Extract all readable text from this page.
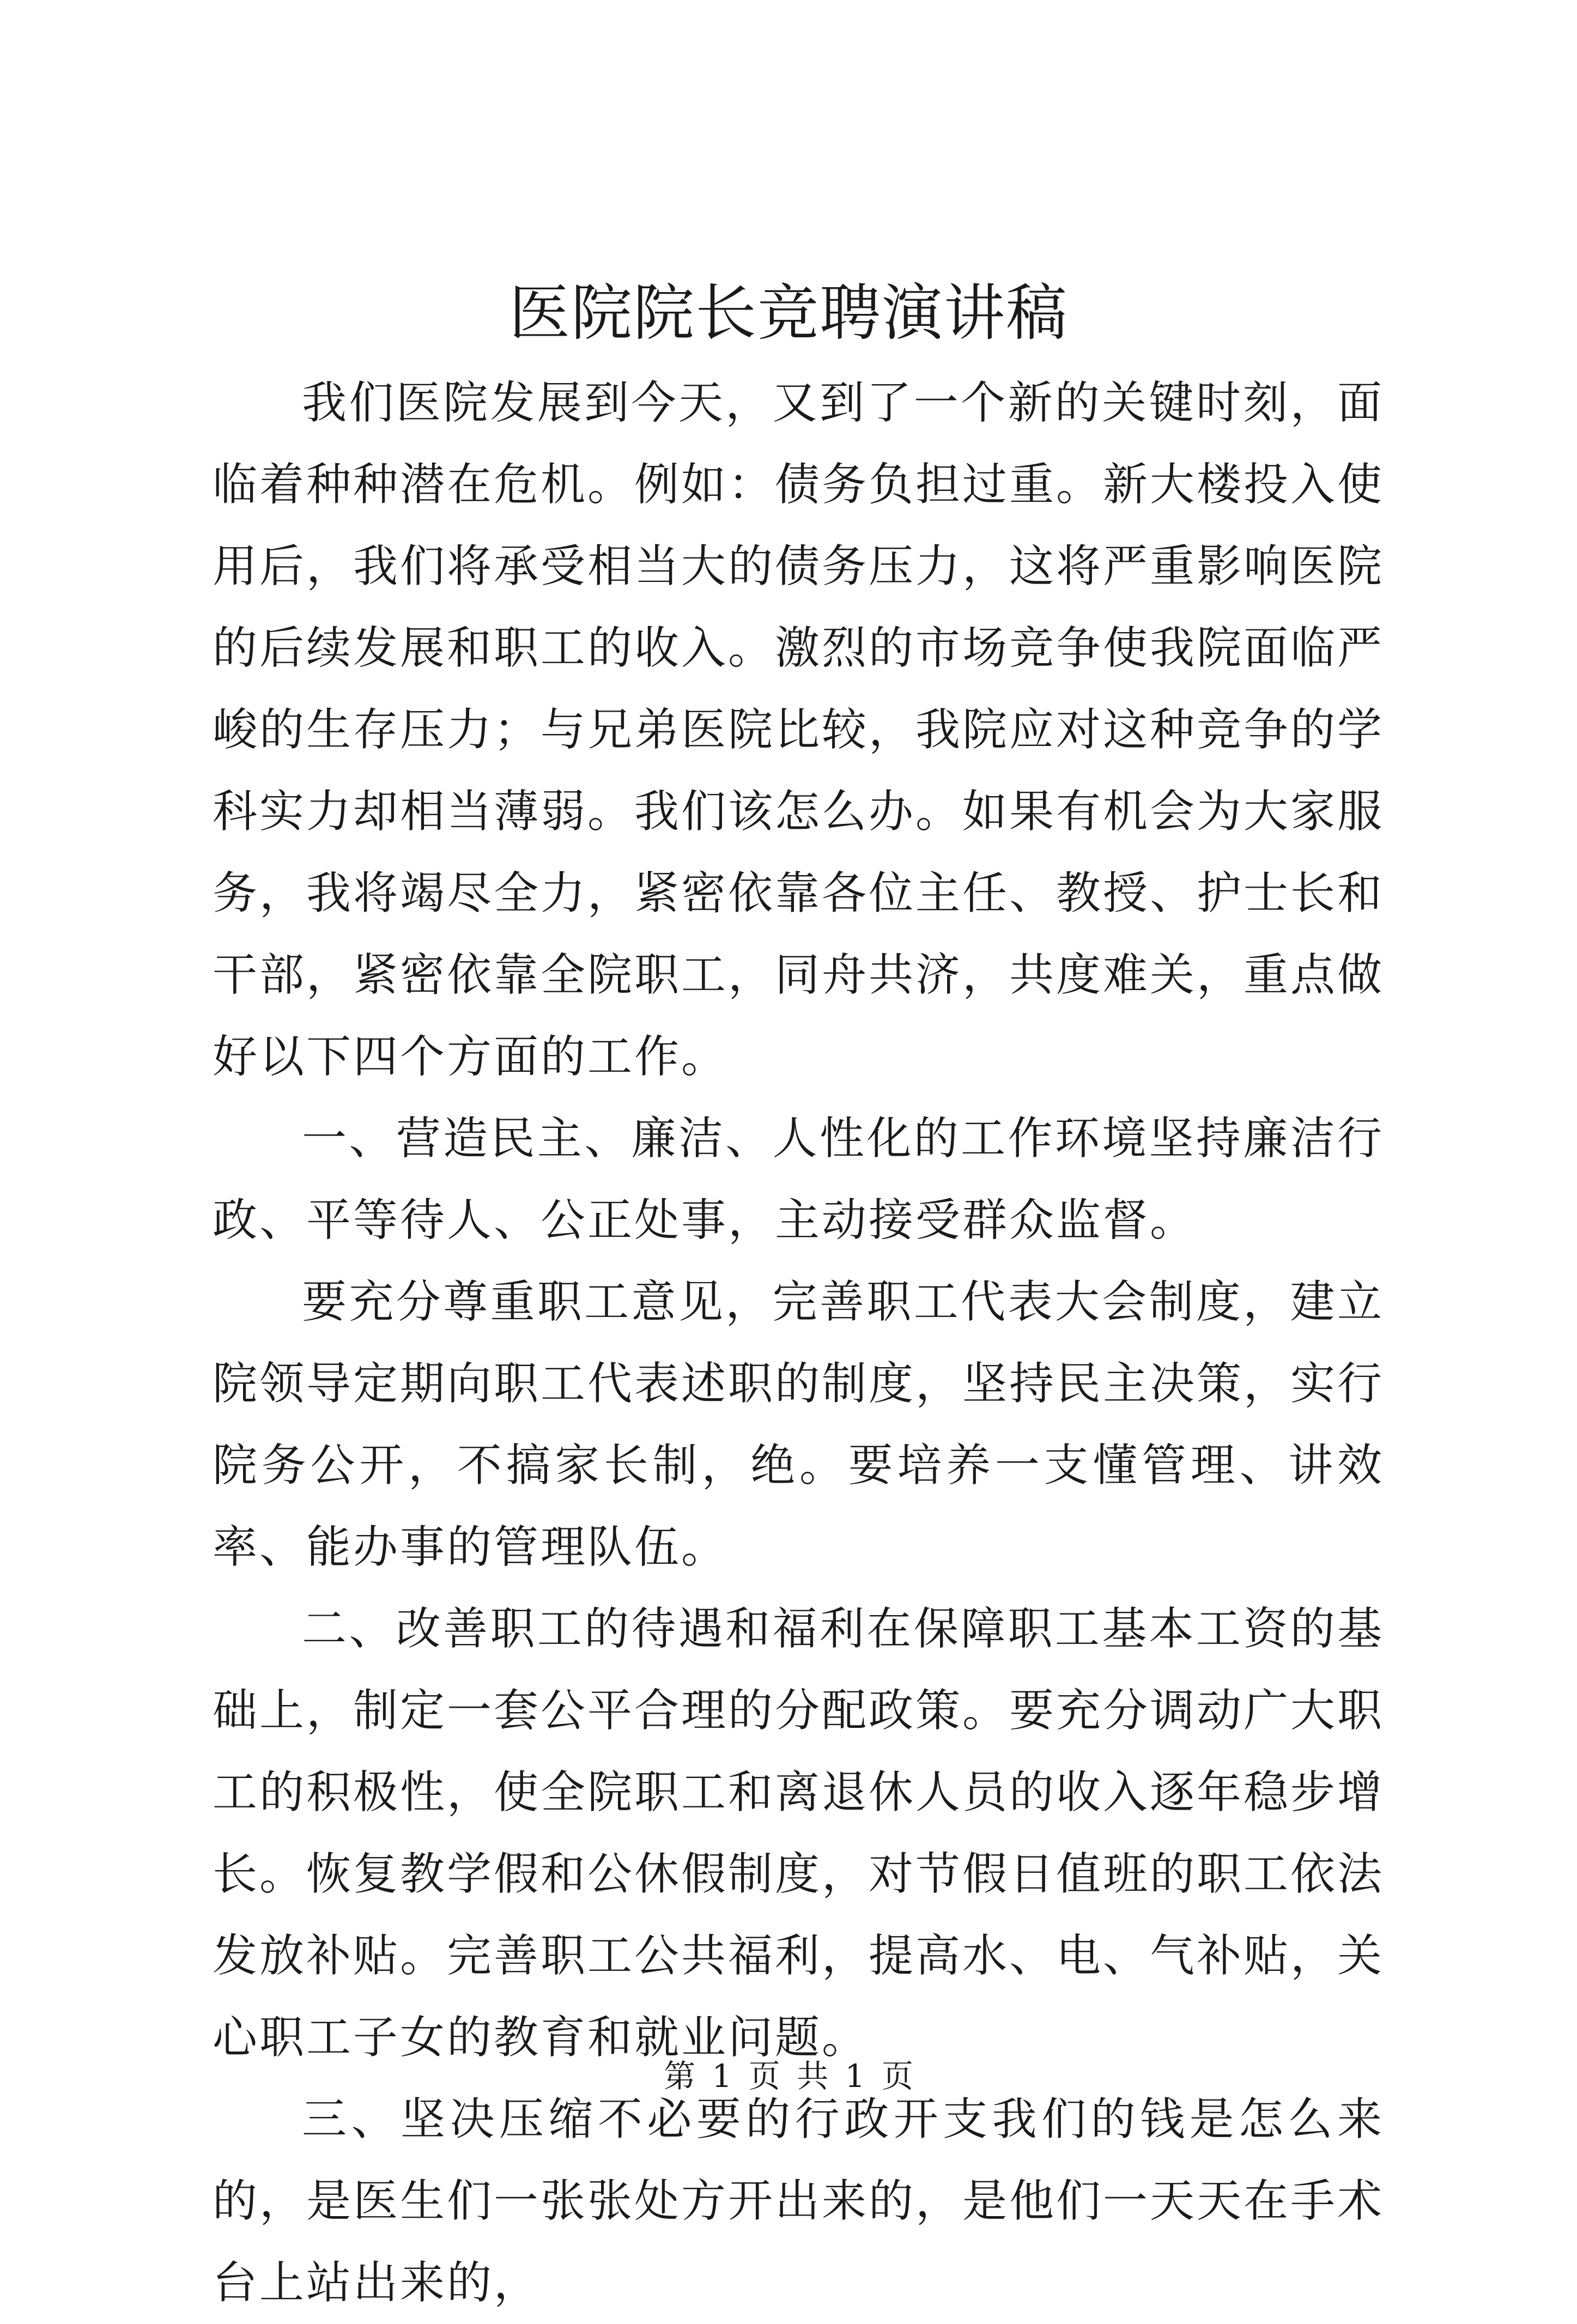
医院院长竞聘演讲稿

我们医院发展到今天，又到了一个新的关键时刻，面临着种种潜在危机。例如：债务负担过重。新大楼投入使用后，我们将承受相当大的债务压力，这将严重影响医院的后续发展和职工的收入。激烈的市场竞争使我院面临严峻的生存压力；与兄弟医院比较，我院应对这种竞争的学科实力却相当薄弱。我们该怎么办。如果有机会为大家服务，我将竭尽全力，紧密依靠各位主任、教授、护士长和干部，紧密依靠全院职工，同舟共济，共度难关，重点做好以下四个方面的工作。

一、营造民主、廉洁、人性化的工作环境坚持廉洁行政、平等待人、公正处事，主动接受群众监督。

要充分尊重职工意见，完善职工代表大会制度，建立院领导定期向职工代表述职的制度，坚持民主决策，实行院务公开，不搞家长制，绝。要培养一支懂管理、讲效率、能办事的管理队伍。

二、改善职工的待遇和福利在保障职工基本工资的基础上，制定一套公平合理的分配政策。要充分调动广大职工的积极性，使全院职工和离退休人员的收入逐年稳步增长。恢复教学假和公休假制度，对节假日值班的职工依法发放补贴。完善职工公共福利，提高水、电、气补贴，关心职工子女的教育和就业问题。

三、坚决压缩不必要的行政开支我们的钱是怎么来的，是医生们一张张处方开出来的，是他们一天天在手术台上站出来的，

第 1 页 共 1 页
